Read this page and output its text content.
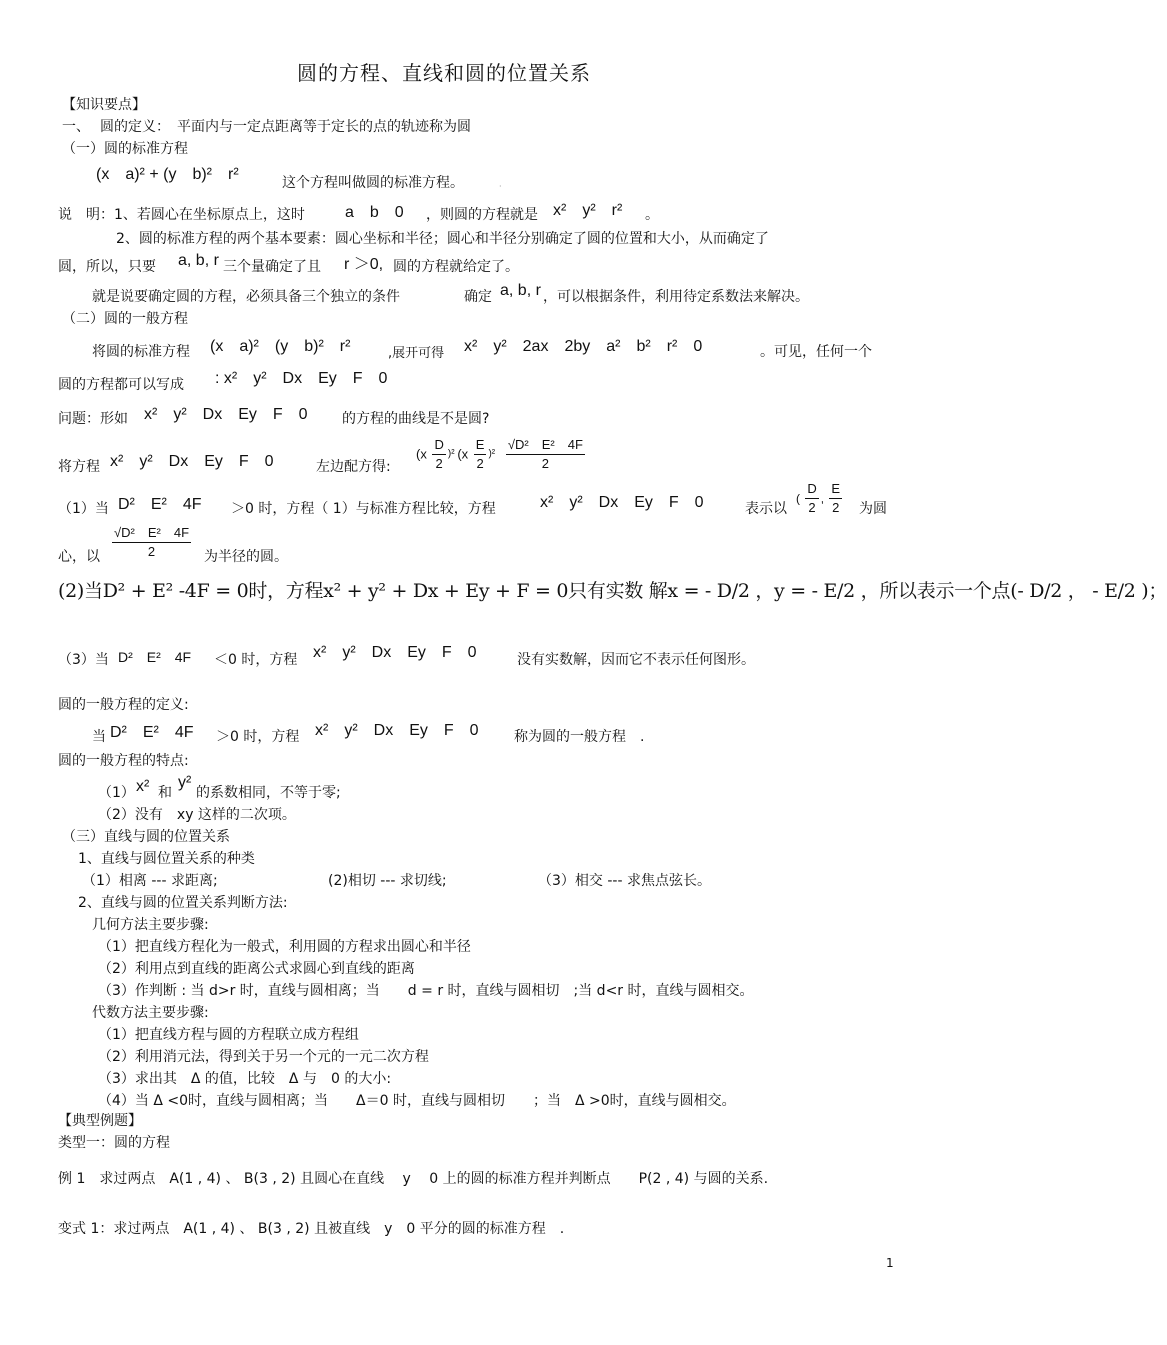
圆的方程、直线和圆的位置关系
【知识要点】
一、 圆的定义：　平面内与一定点距离等于定长的点的轨迹称为圆
（一）圆的标准方程
(x　a)² + (y　b)²　r²	这个方程叫做圆的标准方程。	·
说　明：1、若圆心在坐标原点上，这时	a　b　0 ，则圆的方程就是 x²　y²　r² 。
2、圆的标准方程的两个基本要素：圆心坐标和半径；圆心和半径分别确定了圆的位置和大小，从而确定了
圆，所以，只要 a, b, r 三个量确定了且 r ＞0, 圆的方程就给定了。
就是说要确定圆的方程，必须具备三个独立的条件	确定 a, b, r ，可以根据条件，利用待定系数法来解决。
（二）圆的一般方程
将圆的标准方程 (x　a)²　(y　b)²　r²	,展开可得 x²　y²　2ax　2by　a²　b²　r²　0	。可见，任何一个
圆的方程都可以写成 : x²　y²　Dx　Ey　F　0
问题：形如 x²　y²　Dx　Ey　F　0 的方程的曲线是不是圆?
将方程 x²　y²　Dx　Ey　F　0	左边配方得:
$(x \frac{D}{2} )^2$ $(x \frac{E}{2} )^2 \frac{\text{√D²　E²　4F}}{2}$
（1）当 D²　E²　4F ＞0 时，方程（ 1）与标准方程比较，方程	x²　y²　Dx　Ey　F　0	表示以
( $\frac{D}{2}$ , $\frac{E}{2}$ 为圆
心，以 $\frac{\text{√D²　E²　4F}}{2}$ 为半径的圆。
(2)当D² + E² -4F = 0时，方程x² + y² + Dx + Ey + F = 0只有实数 解x = - D/2 ，y = - E/2 ，所以表示一个点(- D/2 ， - E/2 )；
（3）当 D²　E²　4F ＜0 时，方程 x²　y²　Dx　Ey　F　0	没有实数解，因而它不表示任何图形。
圆的一般方程的定义:
当 D²　E²　4F ＞0 时，方程 x²　y²　Dx　Ey　F　0	称为圆的一般方程　.
圆的一般方程的特点:
（1） x² 和
y²
的系数相同，不等于零;
（2）没有　xy 这样的二次项。
（三）直线与圆的位置关系
1、直线与圆位置关系的种类
（1）相离 --- 求距离;	(2)相切 --- 求切线;	（3）相交 --- 求焦点弦长。
2、直线与圆的位置关系判断方法:
几何方法主要步骤:
（1）把直线方程化为一般式，利用圆的方程求出圆心和半径
（2）利用点到直线的距离公式求圆心到直线的距离
（3）作判断 : 当 d>r 时，直线与圆相离；当　　d = r 时，直线与圆相切　;当 d<r 时，直线与圆相交。
代数方法主要步骤:
（1）把直线方程与圆的方程联立成方程组
（2）利用消元法，得到关于另一个元的一元二次方程
（3）求出其　Δ 的值，比较　Δ 与　0 的大小:
（4）当 Δ <0时，直线与圆相离；当　　Δ＝0 时，直线与圆相切　　；当　Δ >0时，直线与圆相交。
【典型例题】
类型一：圆的方程
例 1　求过两点　A(1 , 4) 、 B(3 , 2) 且圆心在直线　 y　 0 上的圆的标准方程并判断点　　P(2 , 4) 与圆的关系.
变式 1：求过两点　A(1 , 4) 、 B(3 , 2) 且被直线　y　0 平分的圆的标准方程　.
1
